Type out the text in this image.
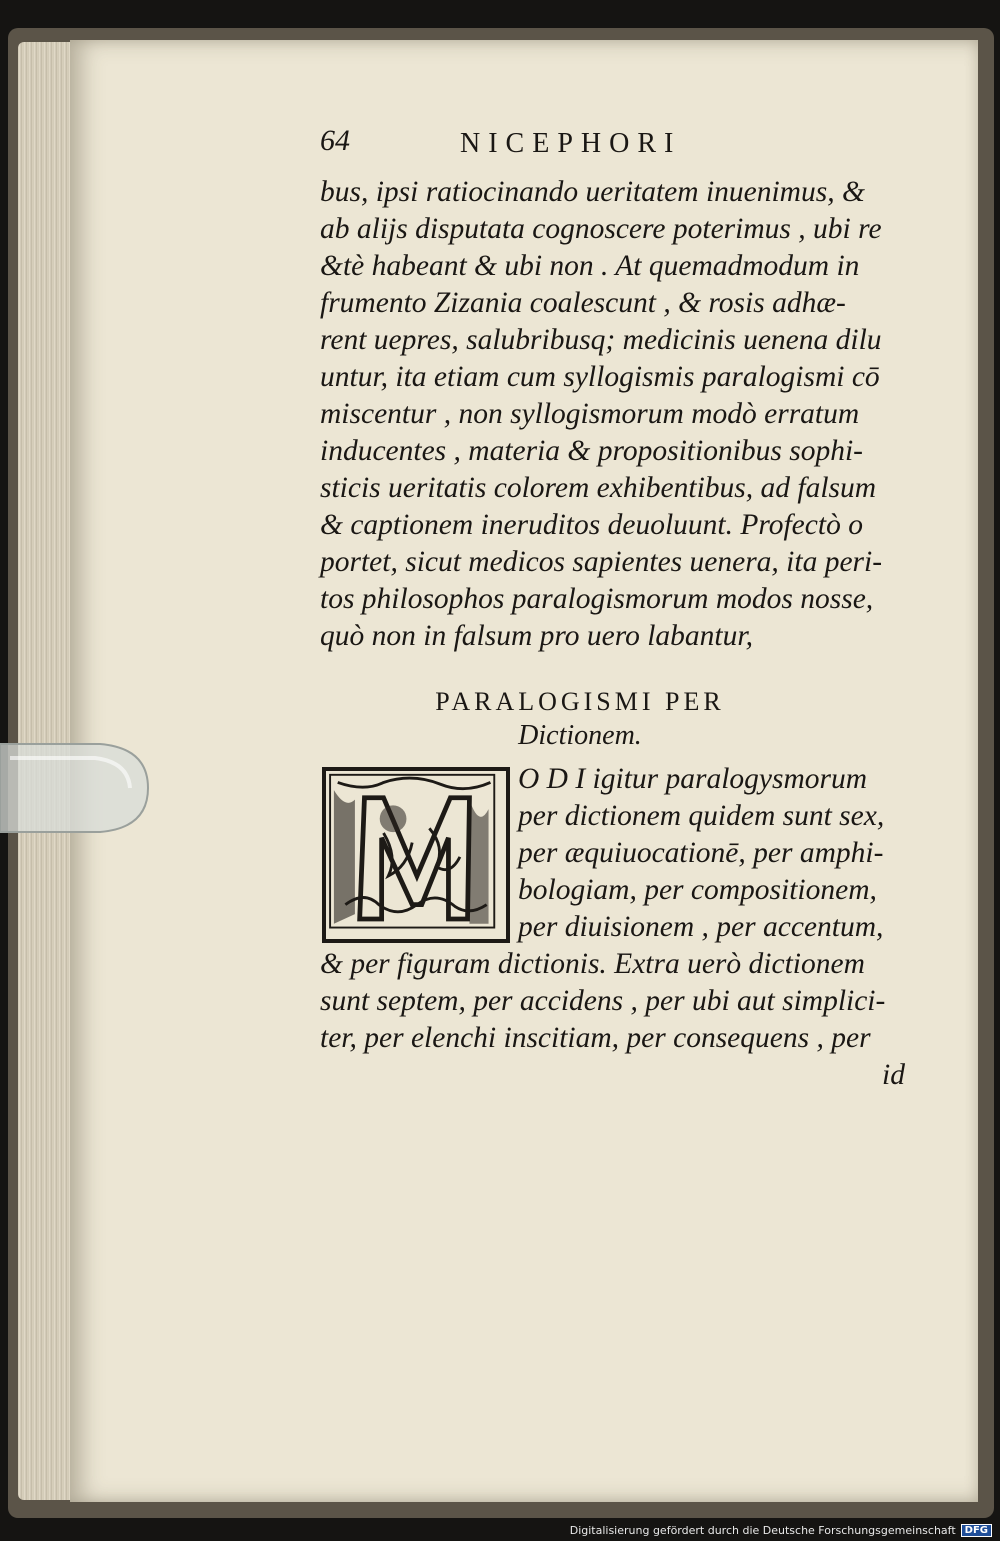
64	NICEPHORI
bus, ipsi ratiocinando ueritatem inuenimus, &
ab alijs disputata cognoscere poterimus , ubi re
&tè habeant & ubi non . At quemadmodum in
frumento Zizania coalescunt , & rosis adhæ-
rent uepres, salubribusq; medicinis uenena dilu
untur, ita etiam cum syllogismis paralogismi cō
miscentur , non syllogismorum modò erratum
inducentes , materia & propositionibus sophi-
sticis ueritatis colorem exhibentibus, ad falsum
& captionem ineruditos deuoluunt. Profectò o
portet, sicut medicos sapientes uenera, ita peri-
tos philosophos paralogismorum modos nosse,
quò non in falsum pro uero labantur,
PARALOGISMI PER
Dictionem.
O D I igitur paralogysmorum
per dictionem quidem sunt sex,
per æquiuocationē, per amphi-
bologiam, per compositionem,
per diuisionem , per accentum,
& per figuram dictionis. Extra uerò dictionem
sunt septem, per accidens , per ubi aut simplici-
ter, per elenchi inscitiam, per consequens , per
id
Digitalisierung gefördert durch die Deutsche Forschungsgemeinschaft DFG
